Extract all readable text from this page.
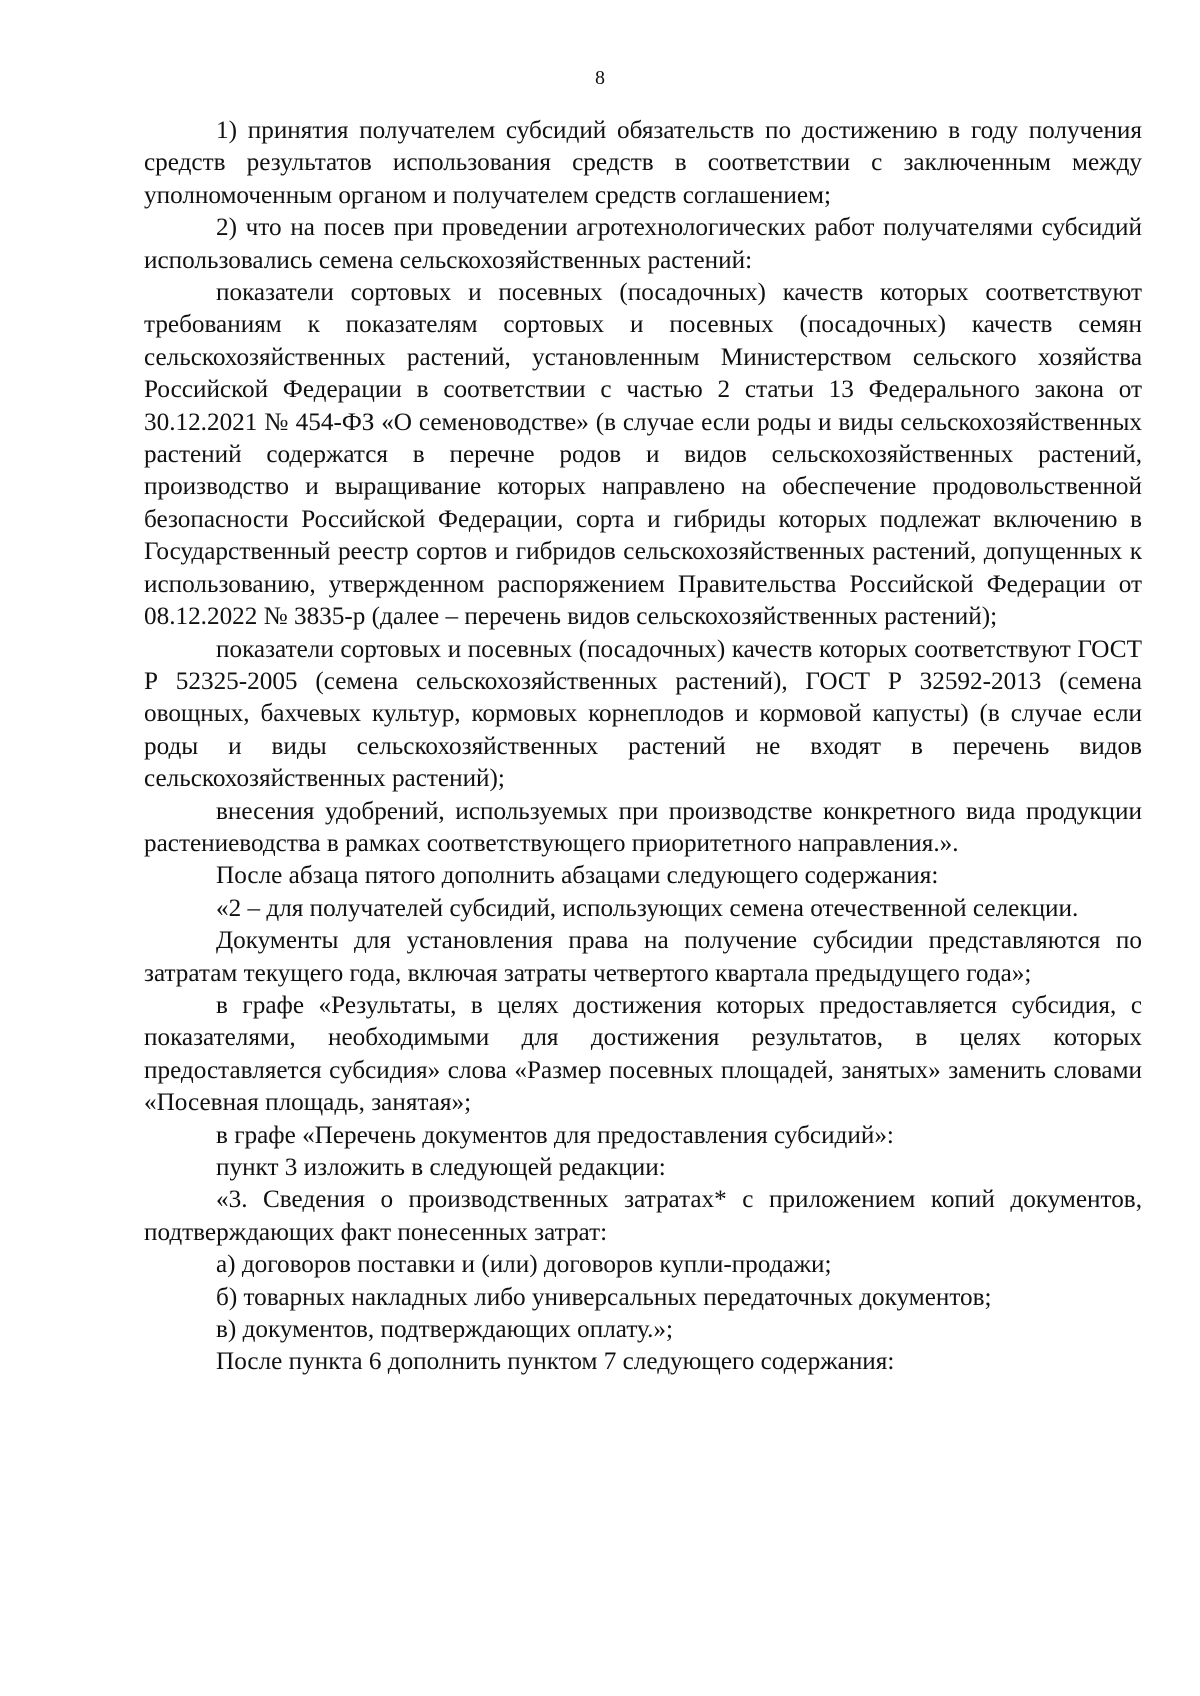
8

1) принятия получателем субсидий обязательств по достижению в году получения средств результатов использования средств в соответствии с заключенным между уполномоченным органом и получателем средств соглашением;

2) что на посев при проведении агротехнологических работ получателями субсидий использовались семена сельскохозяйственных растений:

показатели сортовых и посевных (посадочных) качеств которых соответствуют требованиям к показателям сортовых и посевных (посадочных) качеств семян сельскохозяйственных растений, установленным Министерством сельского хозяйства Российской Федерации в соответствии с частью 2 статьи 13 Федерального закона от 30.12.2021 № 454-ФЗ «О семеноводстве» (в случае если роды и виды сельскохозяйственных растений содержатся в перечне родов и видов сельскохозяйственных растений, производство и выращивание которых направлено на обеспечение продовольственной безопасности Российской Федерации, сорта и гибриды которых подлежат включению в Государственный реестр сортов и гибридов сельскохозяйственных растений, допущенных к использованию, утвержденном распоряжением Правительства Российской Федерации от 08.12.2022 № 3835-р (далее – перечень видов сельскохозяйственных растений);

показатели сортовых и посевных (посадочных) качеств которых соответствуют ГОСТ Р 52325-2005 (семена сельскохозяйственных растений), ГОСТ Р 32592-2013 (семена овощных, бахчевых культур, кормовых корнеплодов и кормовой капусты) (в случае если роды и виды сельскохозяйственных растений не входят в перечень видов сельскохозяйственных растений);

внесения удобрений, используемых при производстве конкретного вида продукции растениеводства в рамках соответствующего приоритетного направления.».

После абзаца пятого дополнить абзацами следующего содержания:

«2 – для получателей субсидий, использующих семена отечественной селекции.

Документы для установления права на получение субсидии представляются по затратам текущего года, включая затраты четвертого квартала предыдущего года»;

в графе «Результаты, в целях достижения которых предоставляется субсидия, с показателями, необходимыми для достижения результатов, в целях которых предоставляется субсидия» слова «Размер посевных площадей, занятых» заменить словами «Посевная площадь, занятая»;

в графе «Перечень документов для предоставления субсидий»:

пункт 3 изложить в следующей редакции:

«3. Сведения о производственных затратах* с приложением копий документов, подтверждающих факт понесенных затрат:

а) договоров поставки и (или) договоров купли-продажи;

б) товарных накладных либо универсальных передаточных документов;

в) документов, подтверждающих оплату.»;

После пункта 6 дополнить пунктом 7 следующего содержания:
